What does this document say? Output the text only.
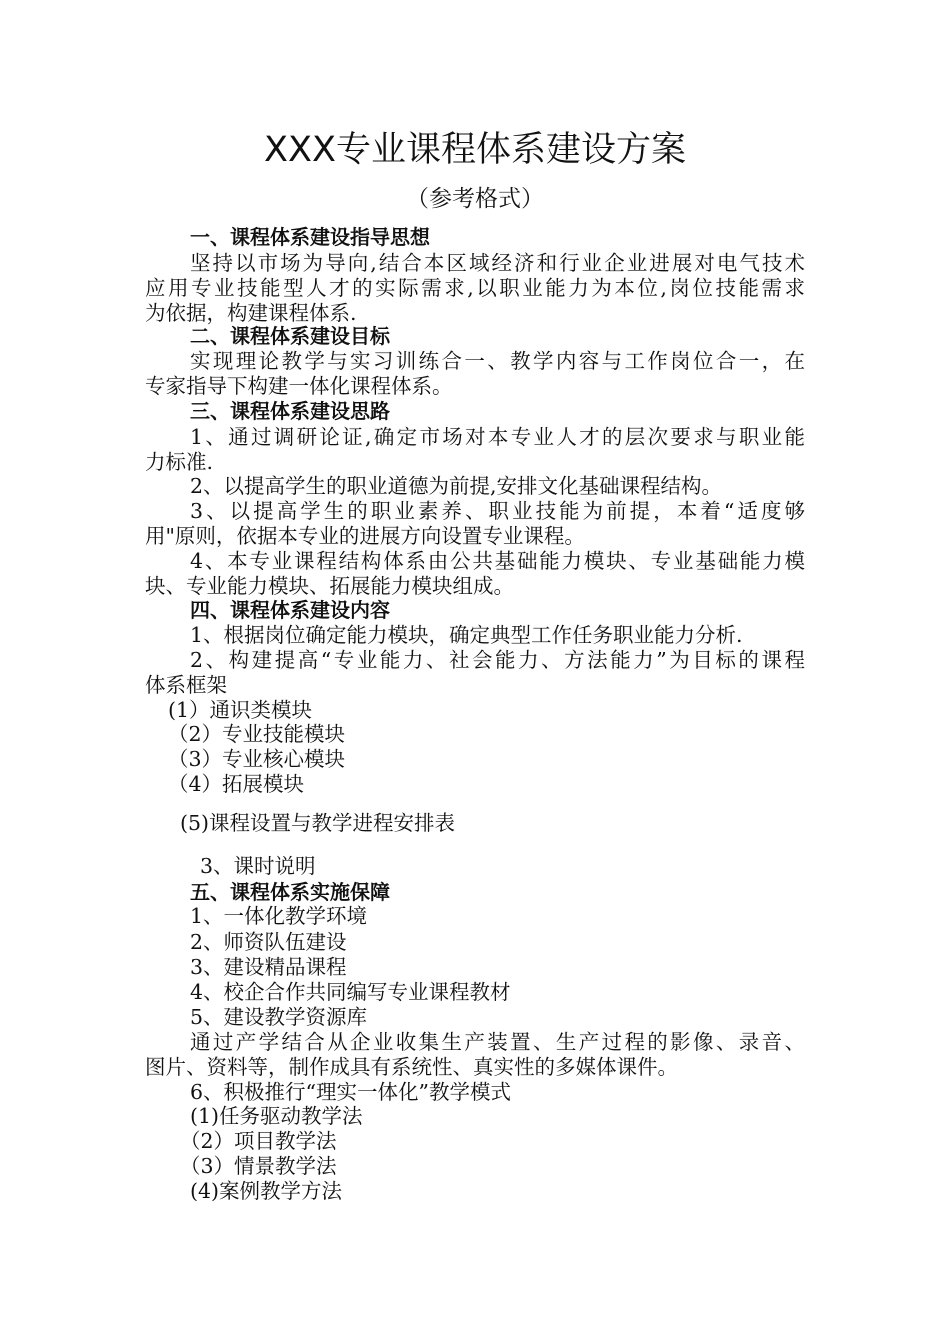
XXX专业课程体系建设方案
（参考格式）
一、课程体系建设指导思想
坚持以市场为导向,结合本区域经济和行业企业进展对电气技术
应用专业技能型人才的实际需求,以职业能力为本位,岗位技能需求
为依据，构建课程体系.
二、课程体系建设目标
实现理论教学与实习训练合一、教学内容与工作岗位合一，在
专家指导下构建一体化课程体系。
三、课程体系建设思路
1、通过调研论证,确定市场对本专业人才的层次要求与职业能
力标准.
2、以提高学生的职业道德为前提,安排文化基础课程结构。
3、以提高学生的职业素养、职业技能为前提，本着“适度够
用"原则，依据本专业的进展方向设置专业课程。
4、本专业课程结构体系由公共基础能力模块、专业基础能力模
块、专业能力模块、拓展能力模块组成。
四、课程体系建设内容
1、根据岗位确定能力模块，确定典型工作任务职业能力分析.
2、构建提高“专业能力、社会能力、方法能力”为目标的课程
体系框架
(1）通识类模块
（2）专业技能模块
（3）专业核心模块
（4）拓展模块
(5)课程设置与教学进程安排表
3、课时说明
五、课程体系实施保障
1、一体化教学环境
2、师资队伍建设
3、建设精品课程
4、校企合作共同编写专业课程教材
5、建设教学资源库
通过产学结合从企业收集生产装置、生产过程的影像、录音、
图片、资料等，制作成具有系统性、真实性的多媒体课件。
6、积极推行“理实一体化”教学模式
(1)任务驱动教学法
（2）项目教学法
（3）情景教学法
(4)案例教学方法
